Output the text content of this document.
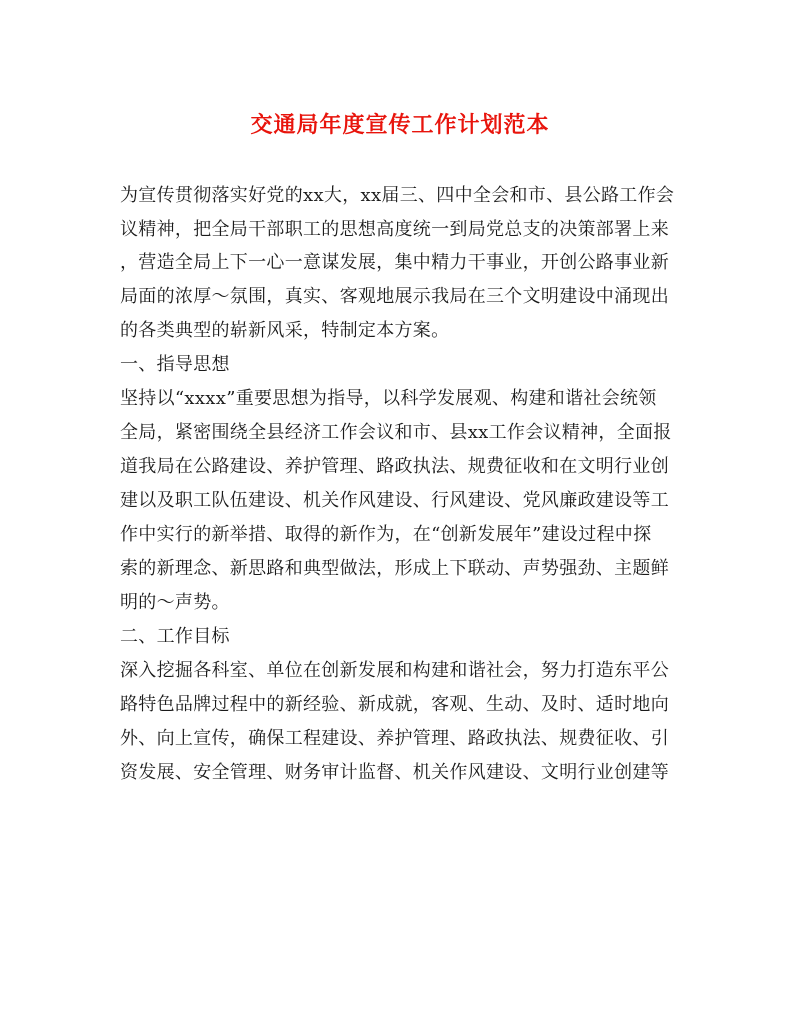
交通局年度宣传工作计划范本
为宣传贯彻落实好党的xx大，xx届三、四中全会和市、县公路工作会
议精神，把全局干部职工的思想高度统一到局党总支的决策部署上来
，营造全局上下一心一意谋发展，集中精力干事业，开创公路事业新
局面的浓厚～氛围，真实、客观地展示我局在三个文明建设中涌现出
的各类典型的崭新风采，特制定本方案。
一、指导思想
坚持以“xxxx”重要思想为指导，以科学发展观、构建和谐社会统领
全局，紧密围绕全县经济工作会议和市、县xx工作会议精神，全面报
道我局在公路建设、养护管理、路政执法、规费征收和在文明行业创
建以及职工队伍建设、机关作风建设、行风建设、党风廉政建设等工
作中实行的新举措、取得的新作为，在“创新发展年”建设过程中探
索的新理念、新思路和典型做法，形成上下联动、声势强劲、主题鲜
明的～声势。
二、工作目标
深入挖掘各科室、单位在创新发展和构建和谐社会，努力打造东平公
路特色品牌过程中的新经验、新成就，客观、生动、及时、适时地向
外、向上宣传，确保工程建设、养护管理、路政执法、规费征收、引
资发展、安全管理、财务审计监督、机关作风建设、文明行业创建等
